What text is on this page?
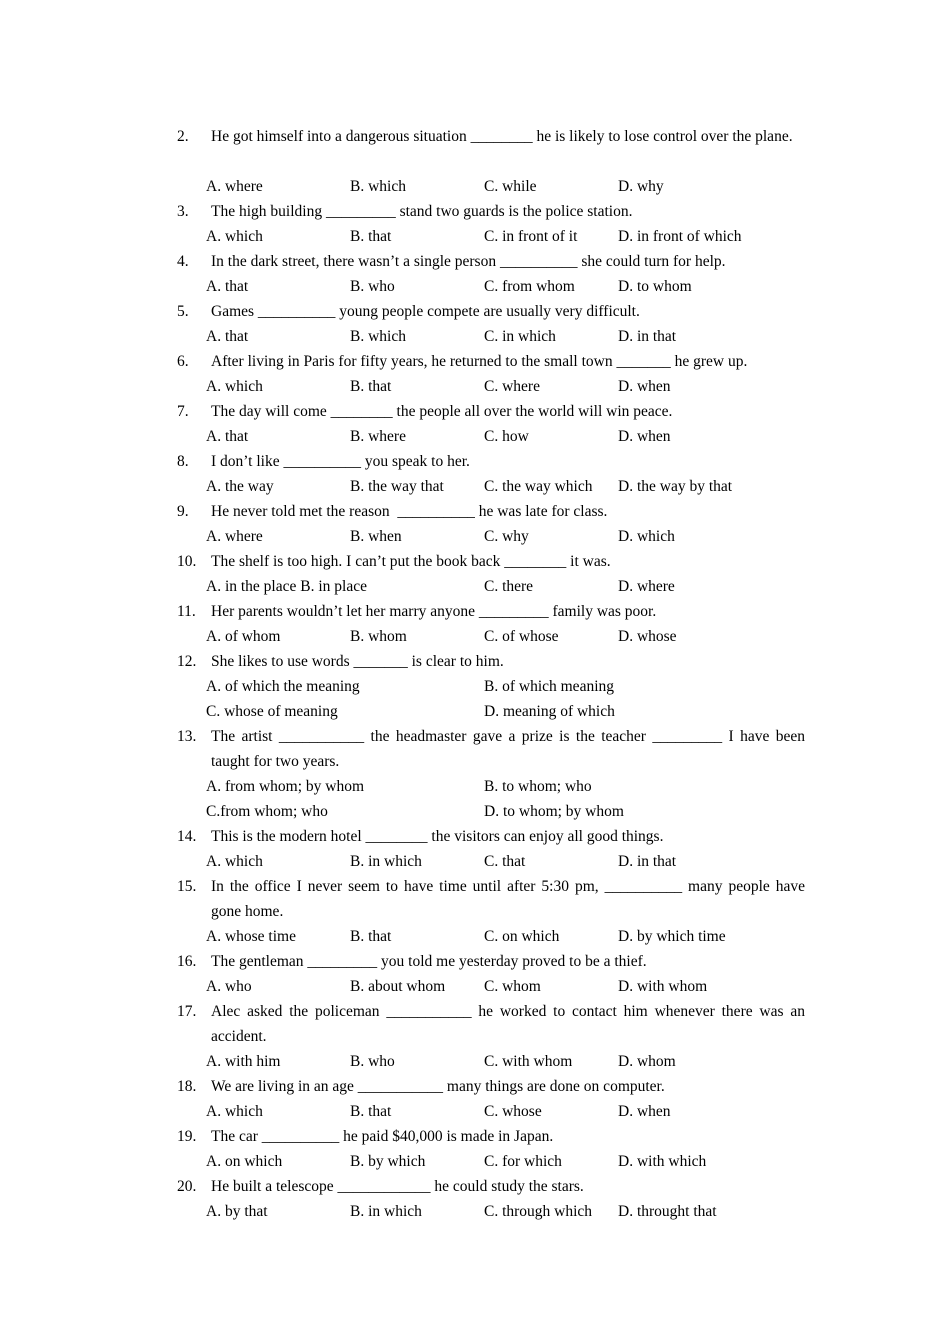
2.	He got himself into a dangerous situation ________ he is likely to lose control over the plane.
A. where	B. which	C. while	D. why
3.	The high building _________ stand two guards is the police station.
A. which	B. that	C. in front of it	D. in front of which
4.	In the dark street, there wasn’t a single person __________ she could turn for help.
A. that	B. who	C. from whom	D. to whom
5.	Games __________ young people compete are usually very difficult.
A. that	B. which	C. in which	D. in that
6.	After living in Paris for fifty years, he returned to the small town _______ he grew up.
A. which	B. that	C. where	D. when
7.	The day will come ________ the people all over the world will win peace.
A. that	B. where	C. how	D. when
8.	I don’t like __________ you speak to her.
A. the way	B. the way that	C. the way which D. the way by that
9.	He never told met the reason  __________ he was late for class.
A. where	B. when	C. why	D. which
10. The shelf is too high. I can’t put the book back ________ it was.
A. in the place B. in place	C. there	D. where
11. Her parents wouldn’t let her marry anyone _________ family was poor.
A. of whom	B. whom	C. of whose	D. whose
12. She likes to use words _______ is clear to him.
A. of which the meaning	B. of which meaning
C. whose of meaning	D. meaning of which
13. The artist ___________ the headmaster gave a prize is the teacher _________ I have been taught for two years.
A. from whom; by whom	B. to whom; who
C.from whom; who	D. to whom; by whom
14. This is the modern hotel ________ the visitors can enjoy all good things.
A. which	B. in which	C. that	D. in that
15. In the office I never seem to have time until after 5:30 pm, __________ many people have gone home.
A. whose time	B. that	C. on which	D. by which time
16. The gentleman _________ you told me yesterday proved to be a thief.
A. who	B. about whom	C. whom	D. with whom
17. Alec asked the policeman ___________ he worked to contact him whenever there was an accident.
A. with him	B. who	C. with whom	D. whom
18. We are living in an age ___________ many things are done on computer.
A. which	B. that	C. whose	D. when
19. The car __________ he paid $40,000 is made in Japan.
A. on which	B. by which	C. for which	D. with which
20. He built a telescope ____________ he could study the stars.
A. by that	B. in which	C. through which D. throught that
